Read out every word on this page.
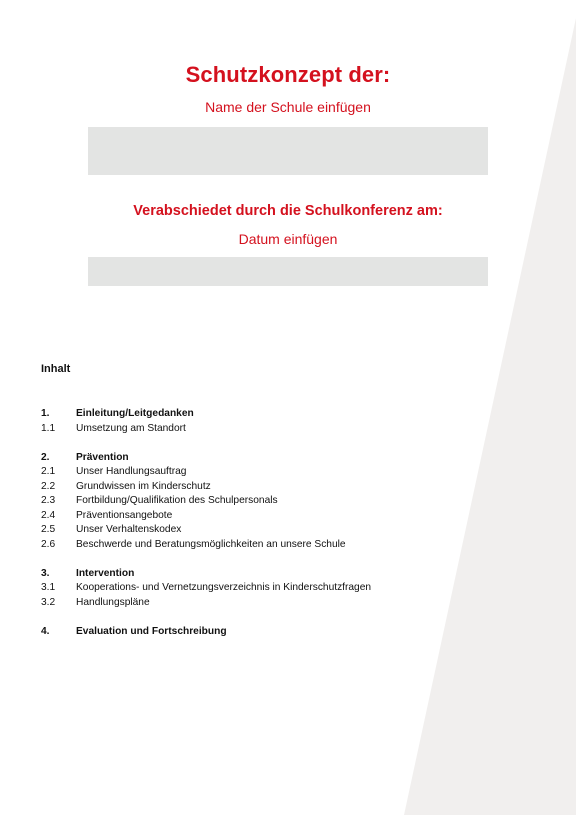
Schutzkonzept der:
Name der Schule einfügen
Verabschiedet durch die Schulkonferenz am:
Datum einfügen
Inhalt
1.	Einleitung/Leitgedanken
1.1	Umsetzung am Standort
2.	Prävention
2.1	Unser Handlungsauftrag
2.2	Grundwissen im Kinderschutz
2.3	Fortbildung/Qualifikation des Schulpersonals
2.4	Präventionsangebote
2.5	Unser Verhaltenskodex
2.6	Beschwerde und Beratungsmöglichkeiten an unsere Schule
3.	Intervention
3.1	Kooperations- und Vernetzungsverzeichnis in Kinderschutzfragen
3.2	Handlungspläne
4.	Evaluation und Fortschreibung
